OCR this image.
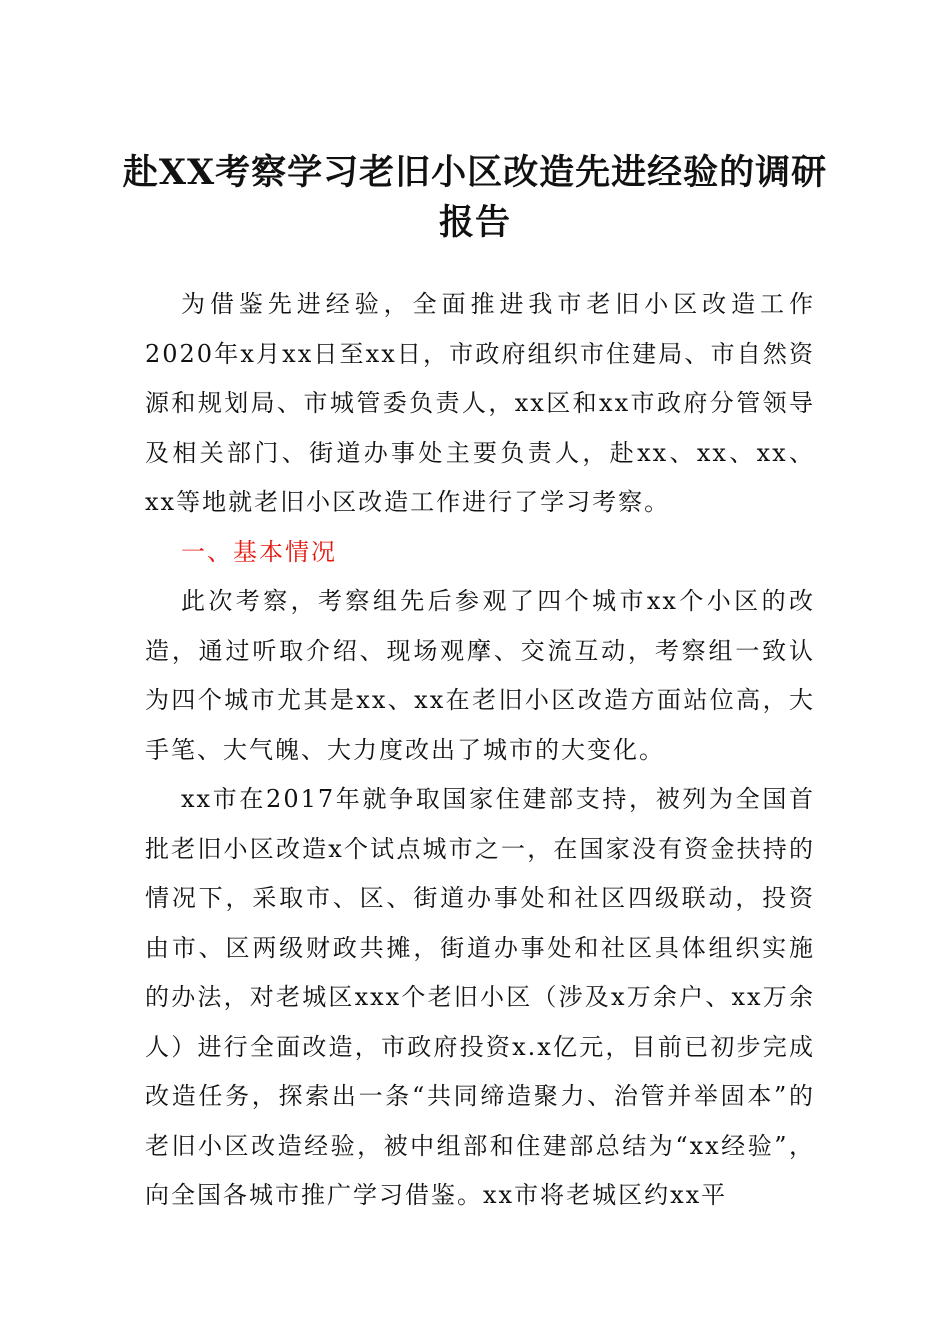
赴XX考察学习老旧小区改造先进经验的调研报告

为借鉴先进经验，全面推进我市老旧小区改造工作2020年x月xx日至xx日，市政府组织市住建局、市自然资源和规划局、市城管委负责人，xx区和xx市政府分管领导及相关部门、街道办事处主要负责人，赴xx、xx、xx、xx等地就老旧小区改造工作进行了学习考察。

一、基本情况

此次考察，考察组先后参观了四个城市xx个小区的改造，通过听取介绍、现场观摩、交流互动，考察组一致认为四个城市尤其是xx、xx在老旧小区改造方面站位高，大手笔、大气魄、大力度改出了城市的大变化。

xx市在2017年就争取国家住建部支持，被列为全国首批老旧小区改造x个试点城市之一，在国家没有资金扶持的情况下，采取市、区、街道办事处和社区四级联动，投资由市、区两级财政共摊，街道办事处和社区具体组织实施的办法，对老城区xxx个老旧小区（涉及x万余户、xx万余人）进行全面改造，市政府投资x.x亿元，目前已初步完成改造任务，探索出一条“共同缔造聚力、治管并举固本”的老旧小区改造经验，被中组部和住建部总结为“xx经验”，向全国各城市推广学习借鉴。xx市将老城区约xx平
